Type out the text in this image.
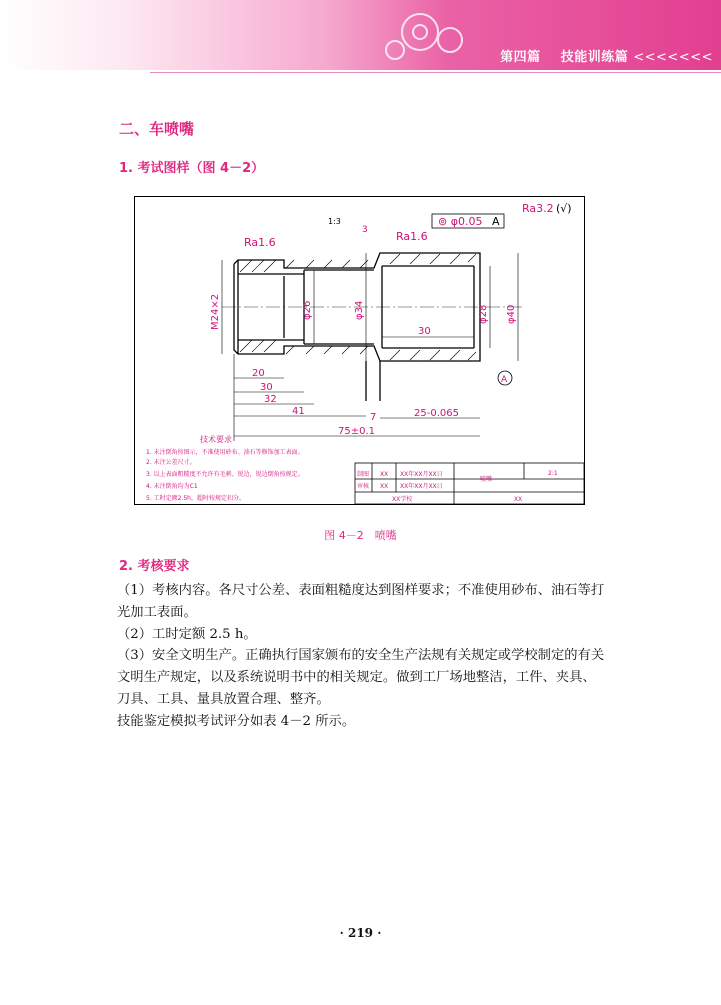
第四篇 技能训练篇 <<<<<<<
二、车喷嘴
1. 考试图样（图 4－2）
Ra1.6	Ra1.6
1:3
3
⊚ φ0.05 A
Ra3.2 (√)
A
M24×2	φ26	φ34	φ28 φ40
30
20
30
32
41
7	25-0.065
75±0.1
技术要求
1. 未注倒角按图示，不准使用砂布、油石等修饰加工表面。
2. 未注公差尺寸。
3. 以上表面粗糙度不允许有毛刺、锐边，锐边倒角按规定。
4. 未注倒角均为C1
5. 工时定额2.5h，超时按规定扣分。
制图 XX XX年XX月XX日
审核 XX XX年XX月XX日
喷嘴
2:1
XX学校	XX
图 4－2　喷嘴
2. 考核要求

（1）考核内容。各尺寸公差、表面粗糙度达到图样要求；不准使用砂布、油石等打光加工表面。

（2）工时定额 2.5 h。

（3）安全文明生产。正确执行国家颁布的安全生产法规有关规定或学校制定的有关文明生产规定，以及系统说明书中的相关规定。做到工厂场地整洁，工件、夹具、刀具、工具、量具放置合理、整齐。

技能鉴定模拟考试评分如表 4－2 所示。

· 219 ·
